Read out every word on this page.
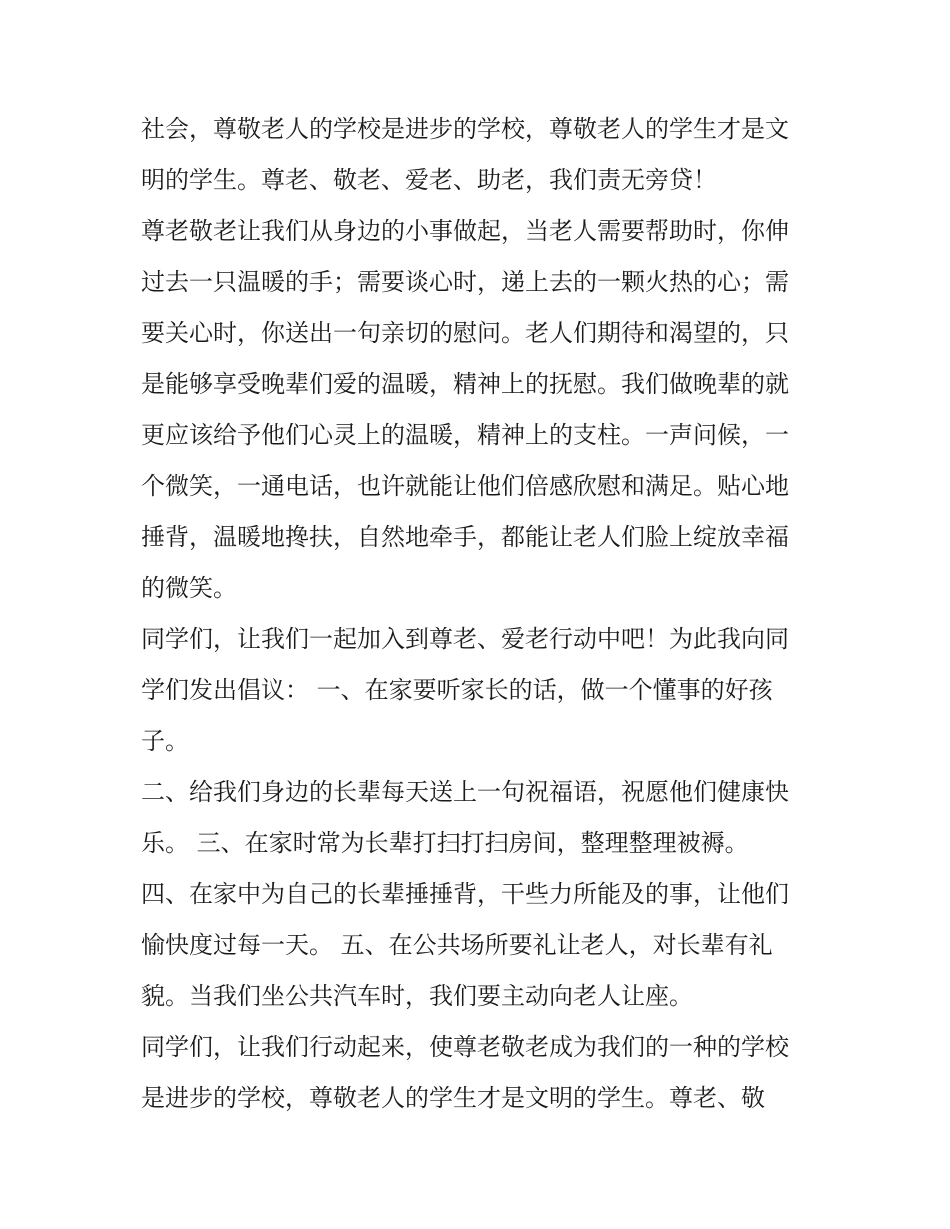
社会，尊敬老人的学校是进步的学校，尊敬老人的学生才是文
明的学生。尊老、敬老、爱老、助老，我们责无旁贷！
尊老敬老让我们从身边的小事做起，当老人需要帮助时，你伸
过去一只温暖的手；需要谈心时，递上去的一颗火热的心；需
要关心时，你送出一句亲切的慰问。老人们期待和渴望的，只
是能够享受晚辈们爱的温暖，精神上的抚慰。我们做晚辈的就
更应该给予他们心灵上的温暖，精神上的支柱。一声问候，一
个微笑，一通电话，也许就能让他们倍感欣慰和满足。贴心地
捶背，温暖地搀扶，自然地牵手，都能让老人们脸上绽放幸福
的微笑。
同学们，让我们一起加入到尊老、爱老行动中吧！为此我向同
学们发出倡议： 一、在家要听家长的话，做一个懂事的好孩
子。
二、给我们身边的长辈每天送上一句祝福语，祝愿他们健康快
乐。 三、在家时常为长辈打扫打扫房间，整理整理被褥。
四、在家中为自己的长辈捶捶背，干些力所能及的事，让他们
愉快度过每一天。 五、在公共场所要礼让老人，对长辈有礼
貌。当我们坐公共汽车时，我们要主动向老人让座。
同学们，让我们行动起来，使尊老敬老成为我们的一种的学校
是进步的学校，尊敬老人的学生才是文明的学生。尊老、敬
